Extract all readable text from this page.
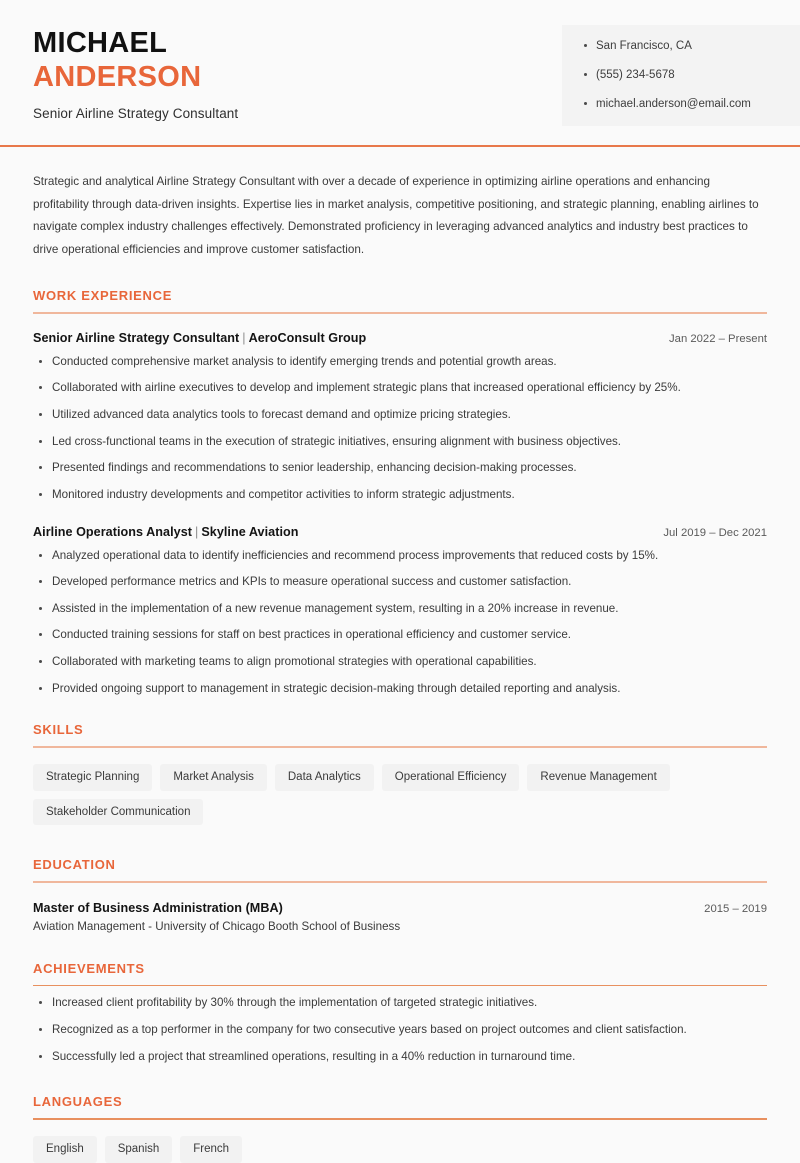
MICHAEL
ANDERSON
Senior Airline Strategy Consultant
San Francisco, CA
(555) 234-5678
michael.anderson@email.com
Strategic and analytical Airline Strategy Consultant with over a decade of experience in optimizing airline operations and enhancing profitability through data-driven insights. Expertise lies in market analysis, competitive positioning, and strategic planning, enabling airlines to navigate complex industry challenges effectively. Demonstrated proficiency in leveraging advanced analytics and industry best practices to drive operational efficiencies and improve customer satisfaction.
WORK EXPERIENCE
Senior Airline Strategy Consultant | AeroConsult Group	Jan 2022 – Present
Conducted comprehensive market analysis to identify emerging trends and potential growth areas.
Collaborated with airline executives to develop and implement strategic plans that increased operational efficiency by 25%.
Utilized advanced data analytics tools to forecast demand and optimize pricing strategies.
Led cross-functional teams in the execution of strategic initiatives, ensuring alignment with business objectives.
Presented findings and recommendations to senior leadership, enhancing decision-making processes.
Monitored industry developments and competitor activities to inform strategic adjustments.
Airline Operations Analyst | Skyline Aviation	Jul 2019 – Dec 2021
Analyzed operational data to identify inefficiencies and recommend process improvements that reduced costs by 15%.
Developed performance metrics and KPIs to measure operational success and customer satisfaction.
Assisted in the implementation of a new revenue management system, resulting in a 20% increase in revenue.
Conducted training sessions for staff on best practices in operational efficiency and customer service.
Collaborated with marketing teams to align promotional strategies with operational capabilities.
Provided ongoing support to management in strategic decision-making through detailed reporting and analysis.
SKILLS
Strategic Planning	Market Analysis	Data Analytics	Operational Efficiency	Revenue Management
Stakeholder Communication
EDUCATION
Master of Business Administration (MBA)	2015 – 2019
Aviation Management - University of Chicago Booth School of Business
ACHIEVEMENTS
Increased client profitability by 30% through the implementation of targeted strategic initiatives.
Recognized as a top performer in the company for two consecutive years based on project outcomes and client satisfaction.
Successfully led a project that streamlined operations, resulting in a 40% reduction in turnaround time.
LANGUAGES
English	Spanish	French
